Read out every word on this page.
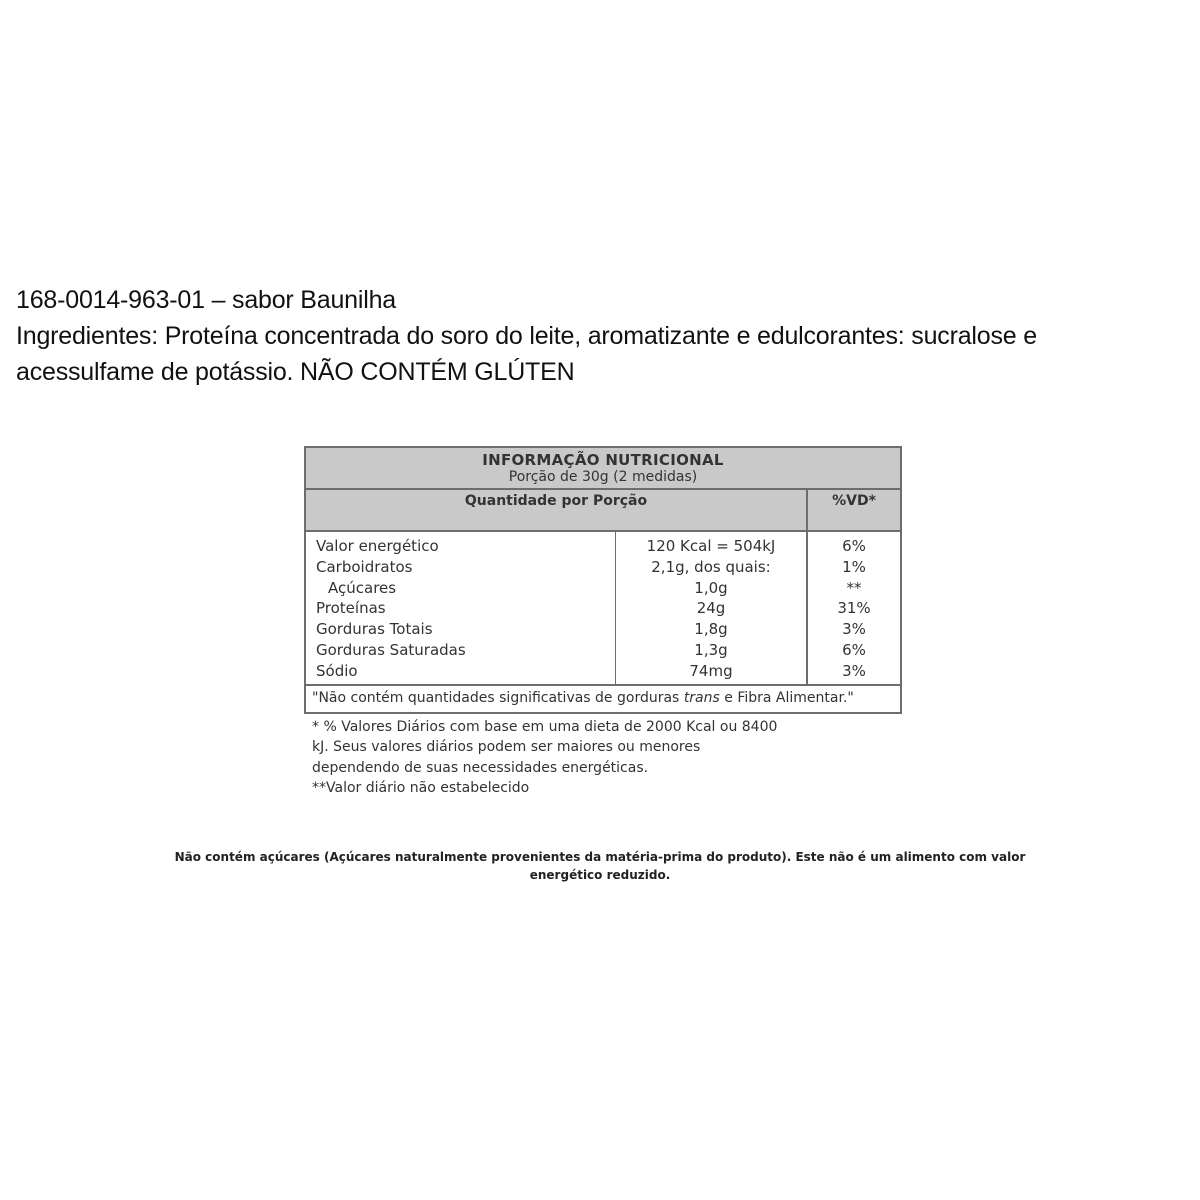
168-0014-963-01 – sabor Baunilha

Ingredientes: Proteína concentrada do soro do leite, aromatizante e edulcorantes: sucralose e

acessulfame de potássio. NÃO CONTÉM GLÚTEN

INFORMAÇÃO NUTRICIONAL
Porção de 30g (2 medidas)
Quantidade por Porção	%VD*
Valor energético
Carboidratos
Açúcares
Proteínas
Gorduras Totais
Gorduras Saturadas
Sódio
120 Kcal = 504kJ
2,1g, dos quais:
1,0g
24g
1,8g
1,3g
74mg
6%
1%
**
31%
3%
6%
3%
"Não contém quantidades significativas de gorduras trans e Fibra Alimentar."

* % Valores Diários com base em uma dieta de 2000 Kcal ou 8400

kJ. Seus valores diários podem ser maiores ou menores

dependendo de suas necessidades energéticas.

**Valor diário não estabelecido

Não contém açúcares (Açúcares naturalmente provenientes da matéria-prima do produto). Este não é um alimento com valor
energético reduzido.
